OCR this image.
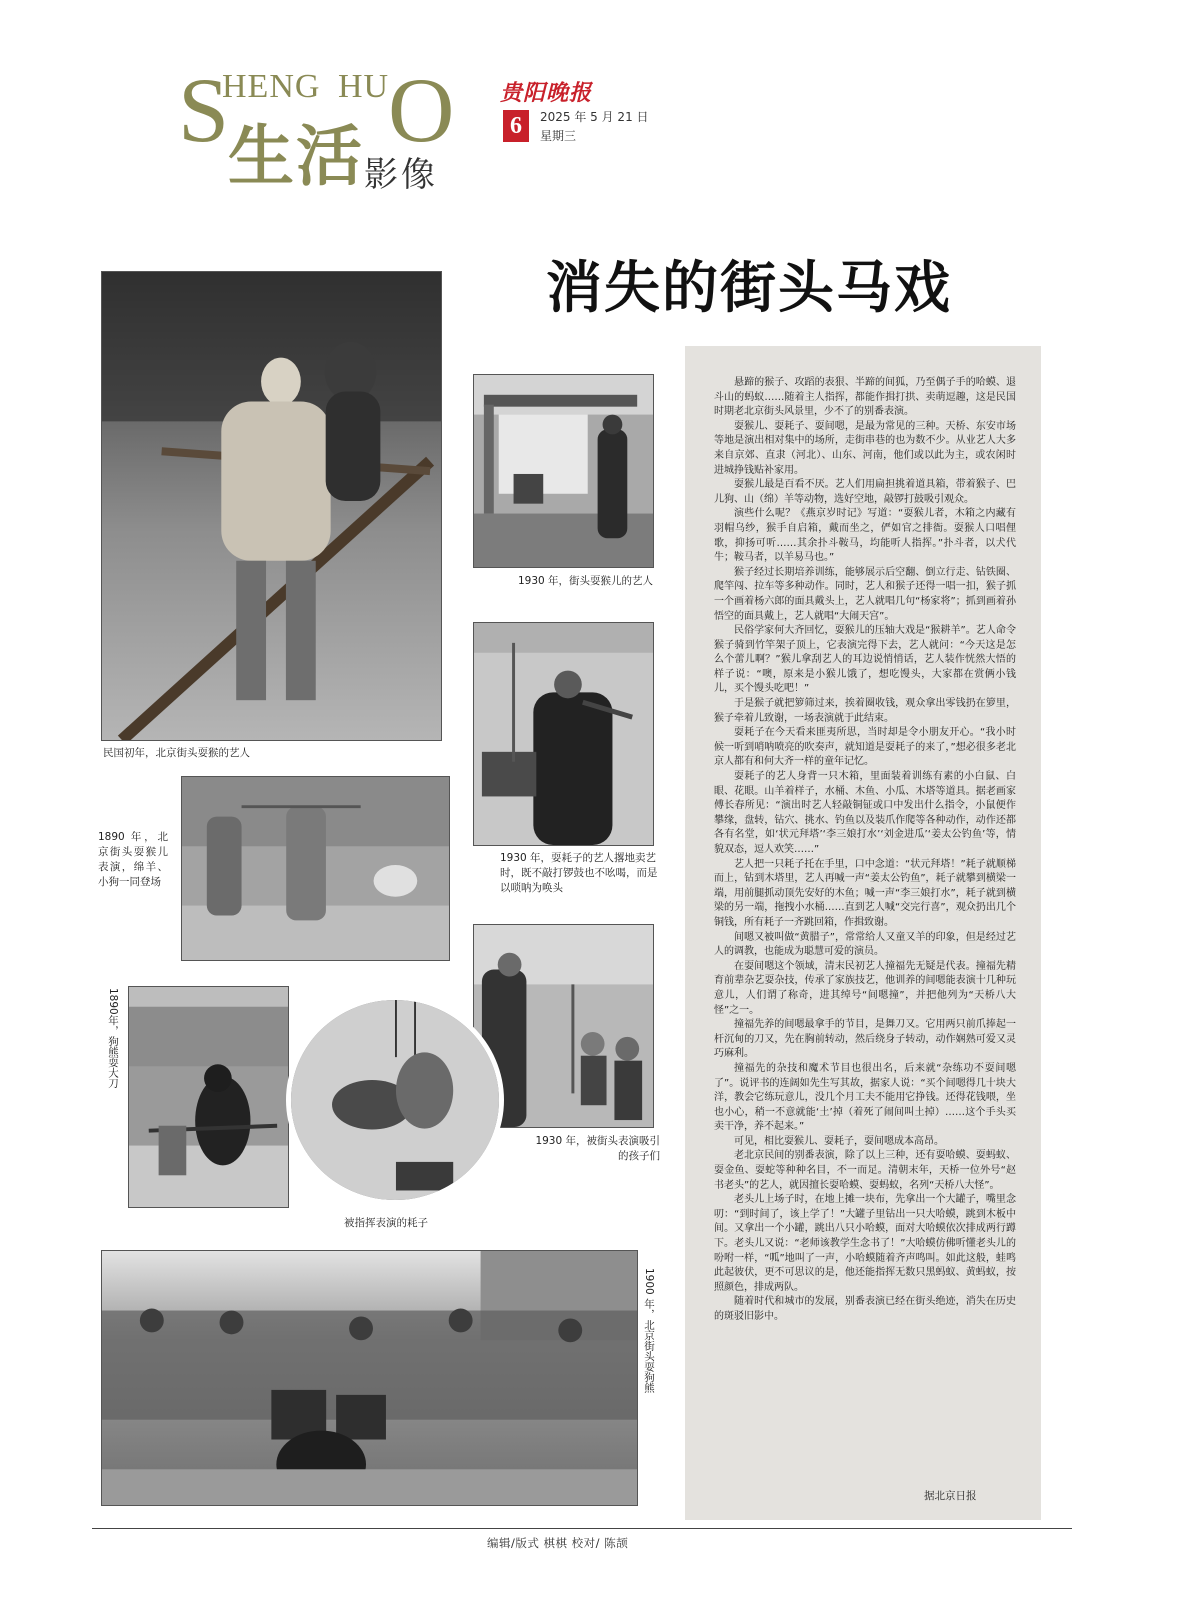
S
HENG HU
O
生活 影像
贵阳晚报
6	2025 年 5 月 21 日
星期三
消失的街头马戏
民国初年，北京街头耍猴的艺人
1930 年，街头耍猴儿的艺人
1930 年，耍耗子的艺人撂地卖艺时，既不敲打锣鼓也不吆喝，而是以唢呐为唤头
1890 年，北京街头耍猴儿表演，绵羊、小狗一同登场
1930 年，被街头表演吸引的孩子们
1890年，狗熊耍大刀
被指挥表演的耗子
1900 年，北京街头耍狗熊

悬蹄的猴子、攻蹈的表狠、半蹄的间狐，乃至偶子手的哈蟆、退斗山的蚂蚁……随着主人指挥，都能作揖打拱、卖萌逗趣，这是民国时期老北京街头风景里，少不了的别番表演。

耍猴儿、耍耗子、耍间嗯，是最为常见的三种。天桥、东安市场等地是演出相对集中的场所，走街串巷的也为数不少。从业艺人大多来自京郊、直隶（河北）、山东、河南，他们或以此为主，或农闲时进城挣钱贴补家用。

耍猴儿最是百看不厌。艺人们用扁担挑着道具箱，带着猴子、巴儿狗、山（绵）羊等动物，选好空地，敲锣打鼓吸引观众。

演些什么呢？《燕京岁时记》写道：“耍猴儿者，木箱之内藏有羽帽乌纱，猴手自启箱，戴而坐之，俨如官之排衙。耍猴人口唱俚歌，抑扬可听……其余扑斗鞍马，均能听人指挥。”扑斗者，以犬代牛；鞍马者，以羊易马也。”

猴子经过长期培养训练，能够展示后空翻、倒立行走、钻铁圈、爬竿闯、拉车等多种动作。同时，艺人和猴子还得一唱一扣，猴子抓一个画着杨六郎的面具戴头上，艺人就唱几句“杨家将”；抓到画着孙悟空的面具戴上，艺人就唱“大闹天宫”。

民俗学家何大齐回忆，耍猴儿的压轴大戏是“猴耕羊”。艺人命令猴子骑到竹竿架子顶上，它表演完得下去，艺人就问：“今天这是怎么个蕾儿啊？”猴儿拿刮艺人的耳边说悄悄话，艺人装作恍然大悟的样子说：“噢，原来是小猴儿饿了，想吃馒头，大家都在赏俩小钱儿，买个馒头吃吧！”

于是猴子就把箩筛过来，挨着圈收钱，观众拿出零钱扔在箩里，猴子牵着儿致谢，一场表演就于此结束。

耍耗子在今天看来匪夷所思，当时却是令小朋友开心。“我小时候一听到哨呐喷亮的吹奏声，就知道是耍耗子的来了，”想必很多老北京人都有和何大齐一样的童年记忆。

耍耗子的艺人身背一只木箱，里面装着训练有素的小白鼠、白眼、花眼。山羊着样子，水桶、木鱼、小瓜、木塔等道具。据老画家傅长春所见：“演出时艺人轻敲铜钲或口中发出什么指令，小鼠便作攀缘，盘转，钻穴、挑水、钓鱼以及装爪作爬等各种动作，动作还都各有名堂，如‘状元拜塔’‘李三娘打水’‘刘金进瓜’‘姜太公钓鱼’等，情貌双态，逗人欢笑……”

艺人把一只耗子托在手里，口中念道：“状元拜塔！”耗子就顺梯而上，钻到木塔里，艺人再喊一声“姜太公钓鱼”，耗子就攀到横梁一端，用前腿抓动顶先安好的木鱼；喊一声“李三娘打水”，耗子就到横梁的另一端，拖拽小水桶……直到艺人喊“交完行喜”，观众扔出几个铜钱，所有耗子一齐跳回箱，作揖致谢。

间嗯又被叫做“黄腊子”，常常给人又童又羊的印象，但是经过艺人的调教，也能成为聪慧可爱的演员。

在耍间嗯这个领域，清末民初艺人撞福先无疑是代表。撞福先精育前辈杂艺耍杂技，传承了家族技艺，他训养的间嗯能表演十几种玩意儿，人们谓了称奇，进其绰号“间嗯撞”，并把他列为“天桥八大怪”之一。

撞福先养的间嗯最拿手的节目，是舞刀又。它用两只前爪捧起一杆沉甸的刀又，先在胸前转动，然后绕身子转动，动作娴熟可爱又灵巧麻利。

撞福先的杂技和魔术节目也很出名，后来就“杂练功不耍间嗯了”。说评书的连阔如先生写其故，据家人说：“买个间嗯得几十块大洋，教会它练玩意儿，没几个月工夫不能用它挣钱。还得花钱喂，坐也小心，稍一不意就能‘土’掉（着死了闹间叫土掉）……这个手头买卖干净，养不起来。”

可见，相比耍猴儿、耍耗子，耍间嗯成本高昂。

老北京民间的别番表演，除了以上三种，还有耍哈蟆、耍蚂蚁、耍金鱼、耍蛇等种种名目，不一而足。清朝末年，天桥一位外号“赵书老头”的艺人，就因擅长耍哈蟆、耍蚂蚁，名列“天桥八大怪”。

老头儿上场子时，在地上摊一块布，先拿出一个大罐子，嘴里念叨：“到时间了，该上学了！”大罐子里钻出一只大哈蟆，跳到木板中间。又拿出一个小罐，跳出八只小哈蟆，面对大哈蟆依次排成两行蹲下。老头儿又说：“老师该教学生念书了！”大哈蟆仿佛听懂老头儿的吩咐一样，“呱”地叫了一声，小哈蟆随着齐声鸣叫。如此这般，蛙鸣此起彼伏，更不可思议的是，他还能指挥无数只黑蚂蚁、黄蚂蚁，按照颜色，排成两队。

随着时代和城市的发展，别番表演已经在街头绝迹，消失在历史的斑驳旧影中。

据北京日报
编辑/版式 棋棋 校对/ 陈颉
